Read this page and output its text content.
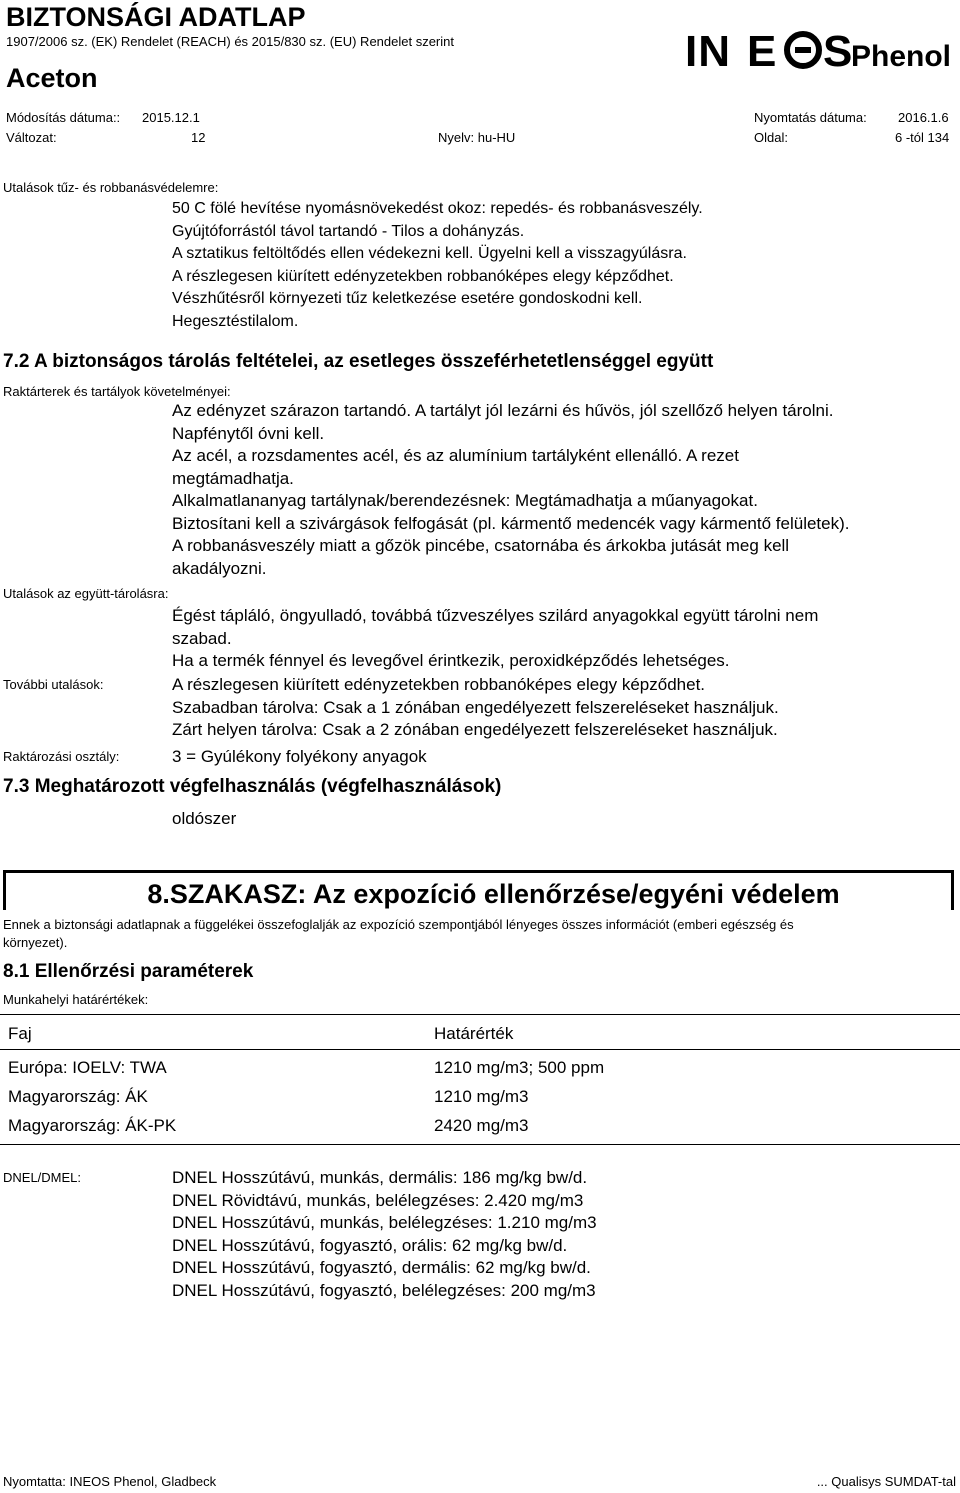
BIZTONSÁGI ADATLAP
1907/2006 sz. (EK) Rendelet (REACH) és 2015/830 sz. (EU) Rendelet szerint
Aceton
IN E S
Phenol
Módosítás dátuma:: 2015.12.1	Nyomtatás dátuma: 2016.1.6
Változat:	12	Nyelv: hu-HU	Oldal:	6 -tól 134
Utalások tűz- és robbanásvédelemre:
50 C fölé hevítése nyomásnövekedést okoz: repedés- és robbanásveszély.
Gyújtóforrástól távol tartandó - Tilos a dohányzás.
A sztatikus feltöltődés ellen védekezni kell. Ügyelni kell a visszagyúlásra.
A részlegesen kiürített edényzetekben robbanóképes elegy képződhet.
Vészhűtésről környezeti tűz keletkezése esetére gondoskodni kell.
Hegesztéstilalom.
7.2 A biztonságos tárolás feltételei, az esetleges összeférhetetlenséggel együtt
Raktárterek és tartályok követelményei:
Az edényzet szárazon tartandó. A tartályt jól lezárni és hűvös, jól szellőző helyen tárolni.
Napfénytől óvni kell.
Az acél, a rozsdamentes acél, és az alumínium tartályként ellenálló. A rezet
megtámadhatja.
Alkalmatlananyag tartálynak/berendezésnek: Megtámadhatja a műanyagokat.
Biztosítani kell a szivárgások felfogását (pl. kármentő medencék vagy kármentő felületek).
A robbanásveszély miatt a gőzök pincébe, csatornába és árkokba jutását meg kell
akadályozni.
Utalások az együtt-tárolásra:
Égést tápláló, öngyulladó, továbbá tűzveszélyes szilárd anyagokkal együtt tárolni nem
szabad.
Ha a termék fénnyel és levegővel érintkezik, peroxidképződés lehetséges.
További utalások:	A részlegesen kiürített edényzetekben robbanóképes elegy képződhet.
Szabadban tárolva: Csak a 1 zónában engedélyezett felszereléseket használjuk.
Zárt helyen tárolva: Csak a 2 zónában engedélyezett felszereléseket használjuk.
Raktározási osztály:	3 = Gyúlékony folyékony anyagok
7.3 Meghatározott végfelhasználás (végfelhasználások)
oldószer
8.SZAKASZ: Az expozíció ellenőrzése/egyéni védelem
Ennek a biztonsági adatlapnak a függelékei összefoglalják az expozíció szempontjából lényeges összes információt (emberi egészség és
környezet).
8.1 Ellenőrzési paraméterek
Munkahelyi határértékek:
Faj	Határérték
Európa: IOELV: TWA	1210 mg/m3; 500 ppm
Magyarország: ÁK	1210 mg/m3
Magyarország: ÁK-PK	2420 mg/m3
DNEL/DMEL:	DNEL Hosszútávú, munkás, dermális: 186 mg/kg bw/d.
DNEL Rövidtávú, munkás, belélegzéses: 2.420 mg/m3
DNEL Hosszútávú, munkás, belélegzéses: 1.210 mg/m3
DNEL Hosszútávú, fogyasztó, orális: 62 mg/kg bw/d.
DNEL Hosszútávú, fogyasztó, dermális: 62 mg/kg bw/d.
DNEL Hosszútávú, fogyasztó, belélegzéses: 200 mg/m3
Nyomtatta: INEOS Phenol, Gladbeck	... Qualisys SUMDAT-tal
